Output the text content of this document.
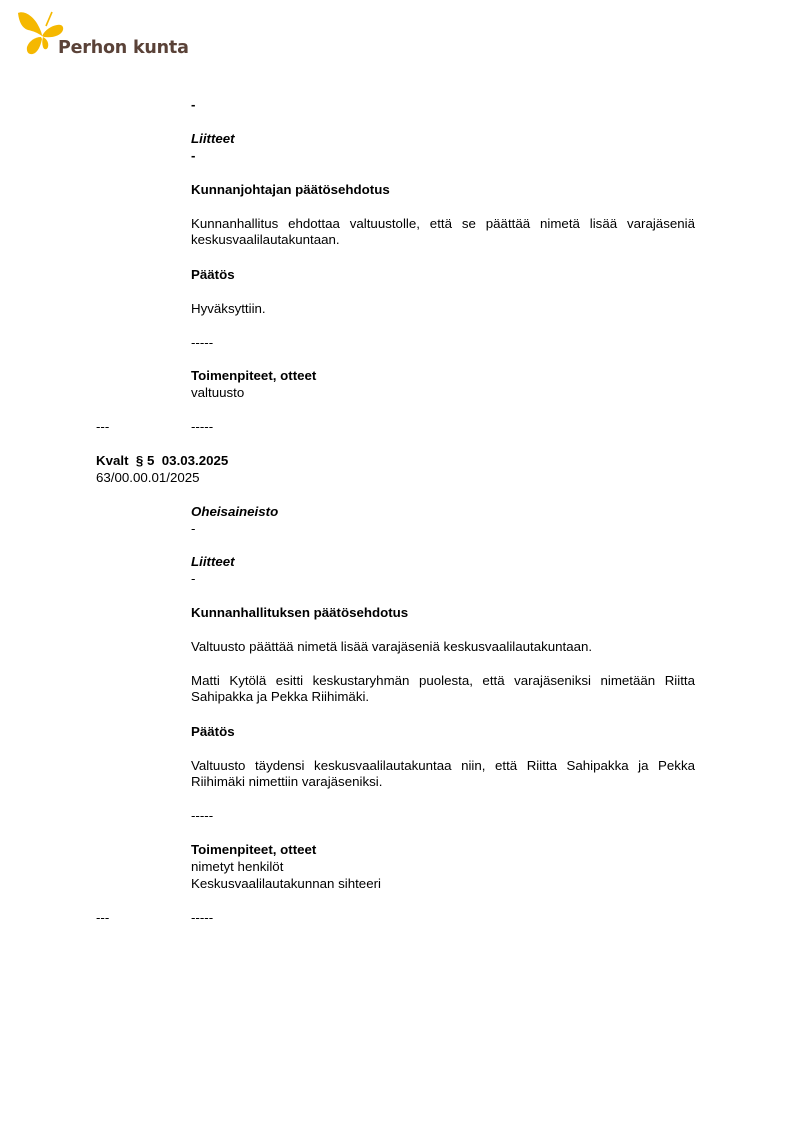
Perhon kunta
-
Liitteet
-
Kunnanjohtajan päätösehdotus
Kunnanhallitus ehdottaa valtuustolle, että se päättää nimetä lisää varajäseniä keskusvaalilautakuntaan.
Päätös
Hyväksyttiin.
-----
Toimenpiteet, otteet
valtuusto
---	-----
Kvalt  § 5  03.03.2025
63/00.00.01/2025
Oheisaineisto
-
Liitteet
-
Kunnanhallituksen päätösehdotus
Valtuusto päättää nimetä lisää varajäseniä keskusvaalilautakuntaan.
Matti Kytölä esitti keskustaryhmän puolesta, että varajäseniksi nimetään Riitta Sahipakka ja Pekka Riihimäki.
Päätös
Valtuusto täydensi keskusvaalilautakuntaa niin, että Riitta Sahipakka ja Pekka Riihimäki nimettiin varajäseniksi.
-----
Toimenpiteet, otteet
nimetyt henkilöt
Keskusvaalilautakunnan sihteeri
---	-----
